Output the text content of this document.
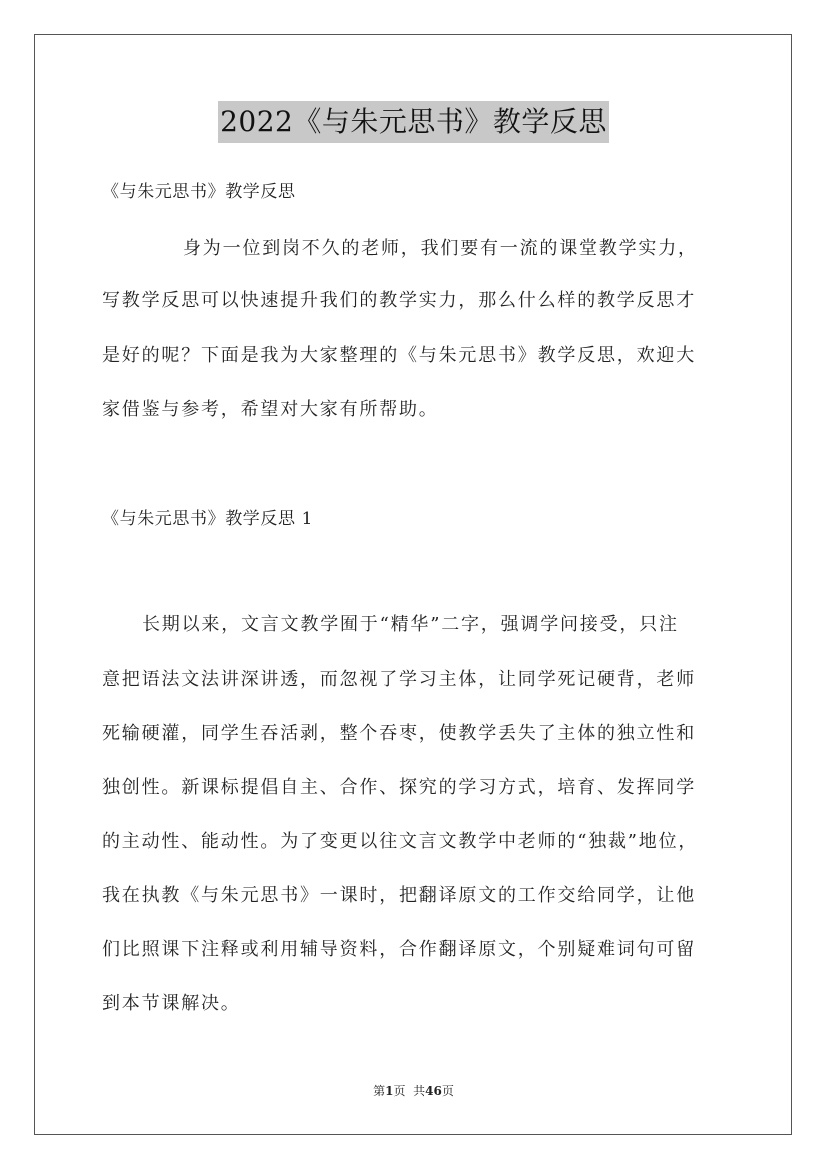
2022《与朱元思书》教学反思
《与朱元思书》教学反思
身为一位到岗不久的老师，我们要有一流的课堂教学实力，
写教学反思可以快速提升我们的教学实力，那么什么样的教学反思才
是好的呢？下面是我为大家整理的《与朱元思书》教学反思，欢迎大
家借鉴与参考，希望对大家有所帮助。
《与朱元思书》教学反思 1
长期以来，文言文教学囿于“精华”二字，强调学问接受，只注
意把语法文法讲深讲透，而忽视了学习主体，让同学死记硬背，老师
死输硬灌，同学生吞活剥，整个吞枣，使教学丢失了主体的独立性和
独创性。新课标提倡自主、合作、探究的学习方式，培育、发挥同学
的主动性、能动性。为了变更以往文言文教学中老师的“独裁”地位，
我在执教《与朱元思书》一课时，把翻译原文的工作交给同学，让他
们比照课下注释或利用辅导资料，合作翻译原文，个别疑难词句可留
到本节课解决。
第1页  共46页
